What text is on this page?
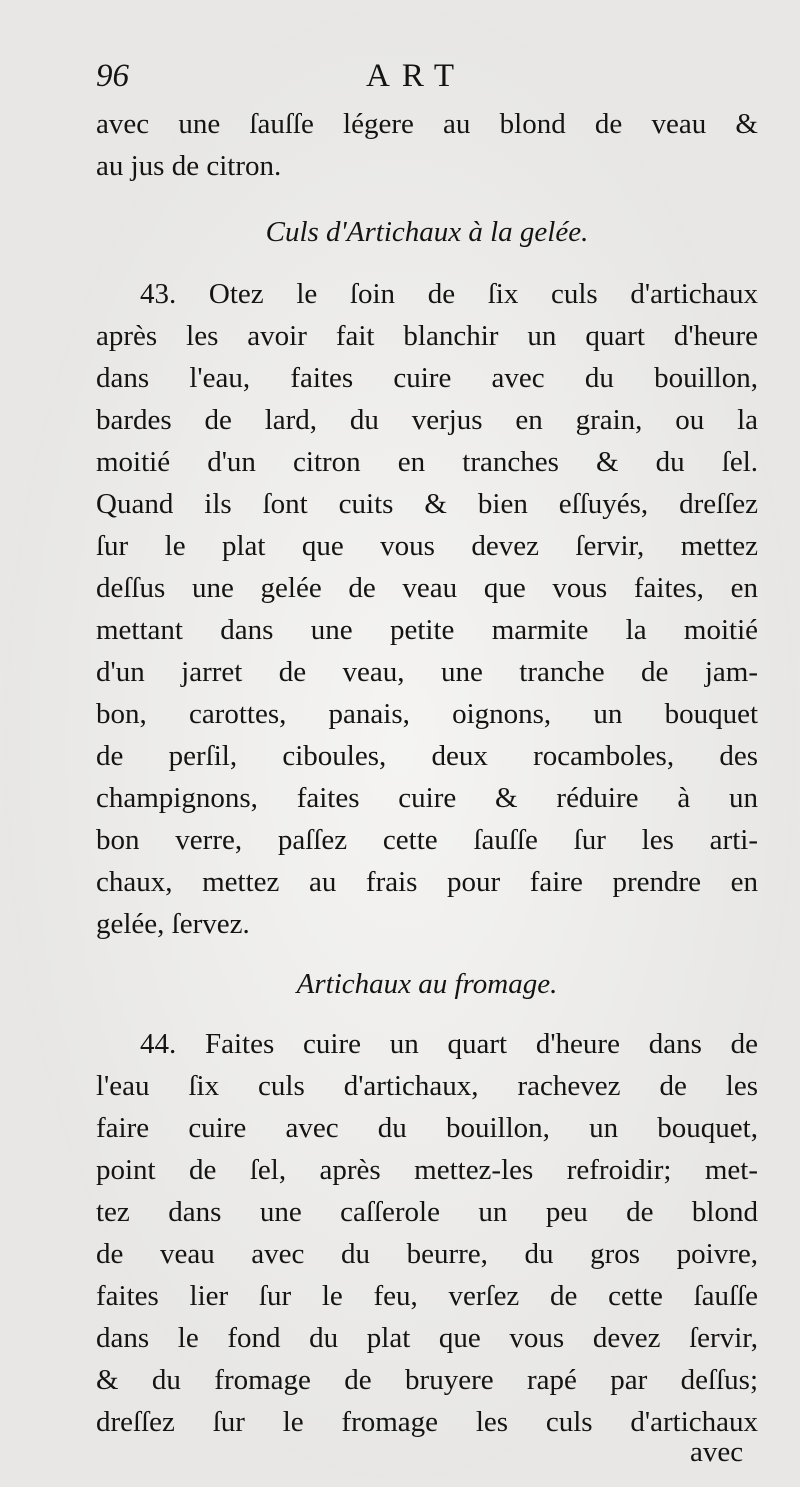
96	ART
avec une ſauſſe légere au blond de veau &
au jus de citron.
Culs d'Artichaux à la gelée.
43. Otez le ſoin de ſix culs d'artichaux
après les avoir fait blanchir un quart d'heure
dans l'eau, faites cuire avec du bouillon,
bardes de lard, du verjus en grain, ou la
moitié d'un citron en tranches & du ſel.
Quand ils ſont cuits & bien eſſuyés, dreſſez
ſur le plat que vous devez ſervir, mettez
deſſus une gelée de veau que vous faites, en
mettant dans une petite marmite la moitié
d'un jarret de veau, une tranche de jam-
bon, carottes, panais, oignons, un bouquet
de perſil, ciboules, deux rocamboles, des
champignons, faites cuire & réduire à un
bon verre, paſſez cette ſauſſe ſur les arti-
chaux, mettez au frais pour faire prendre en
gelée, ſervez.
Artichaux au fromage.
44. Faites cuire un quart d'heure dans de
l'eau ſix culs d'artichaux, rachevez de les
faire cuire avec du bouillon, un bouquet,
point de ſel, après mettez-les refroidir; met-
tez dans une caſſerole un peu de blond
de veau avec du beurre, du gros poivre,
faites lier ſur le feu, verſez de cette ſauſſe
dans le fond du plat que vous devez ſervir,
& du fromage de bruyere rapé par deſſus;
dreſſez ſur le fromage les culs d'artichaux
avec
